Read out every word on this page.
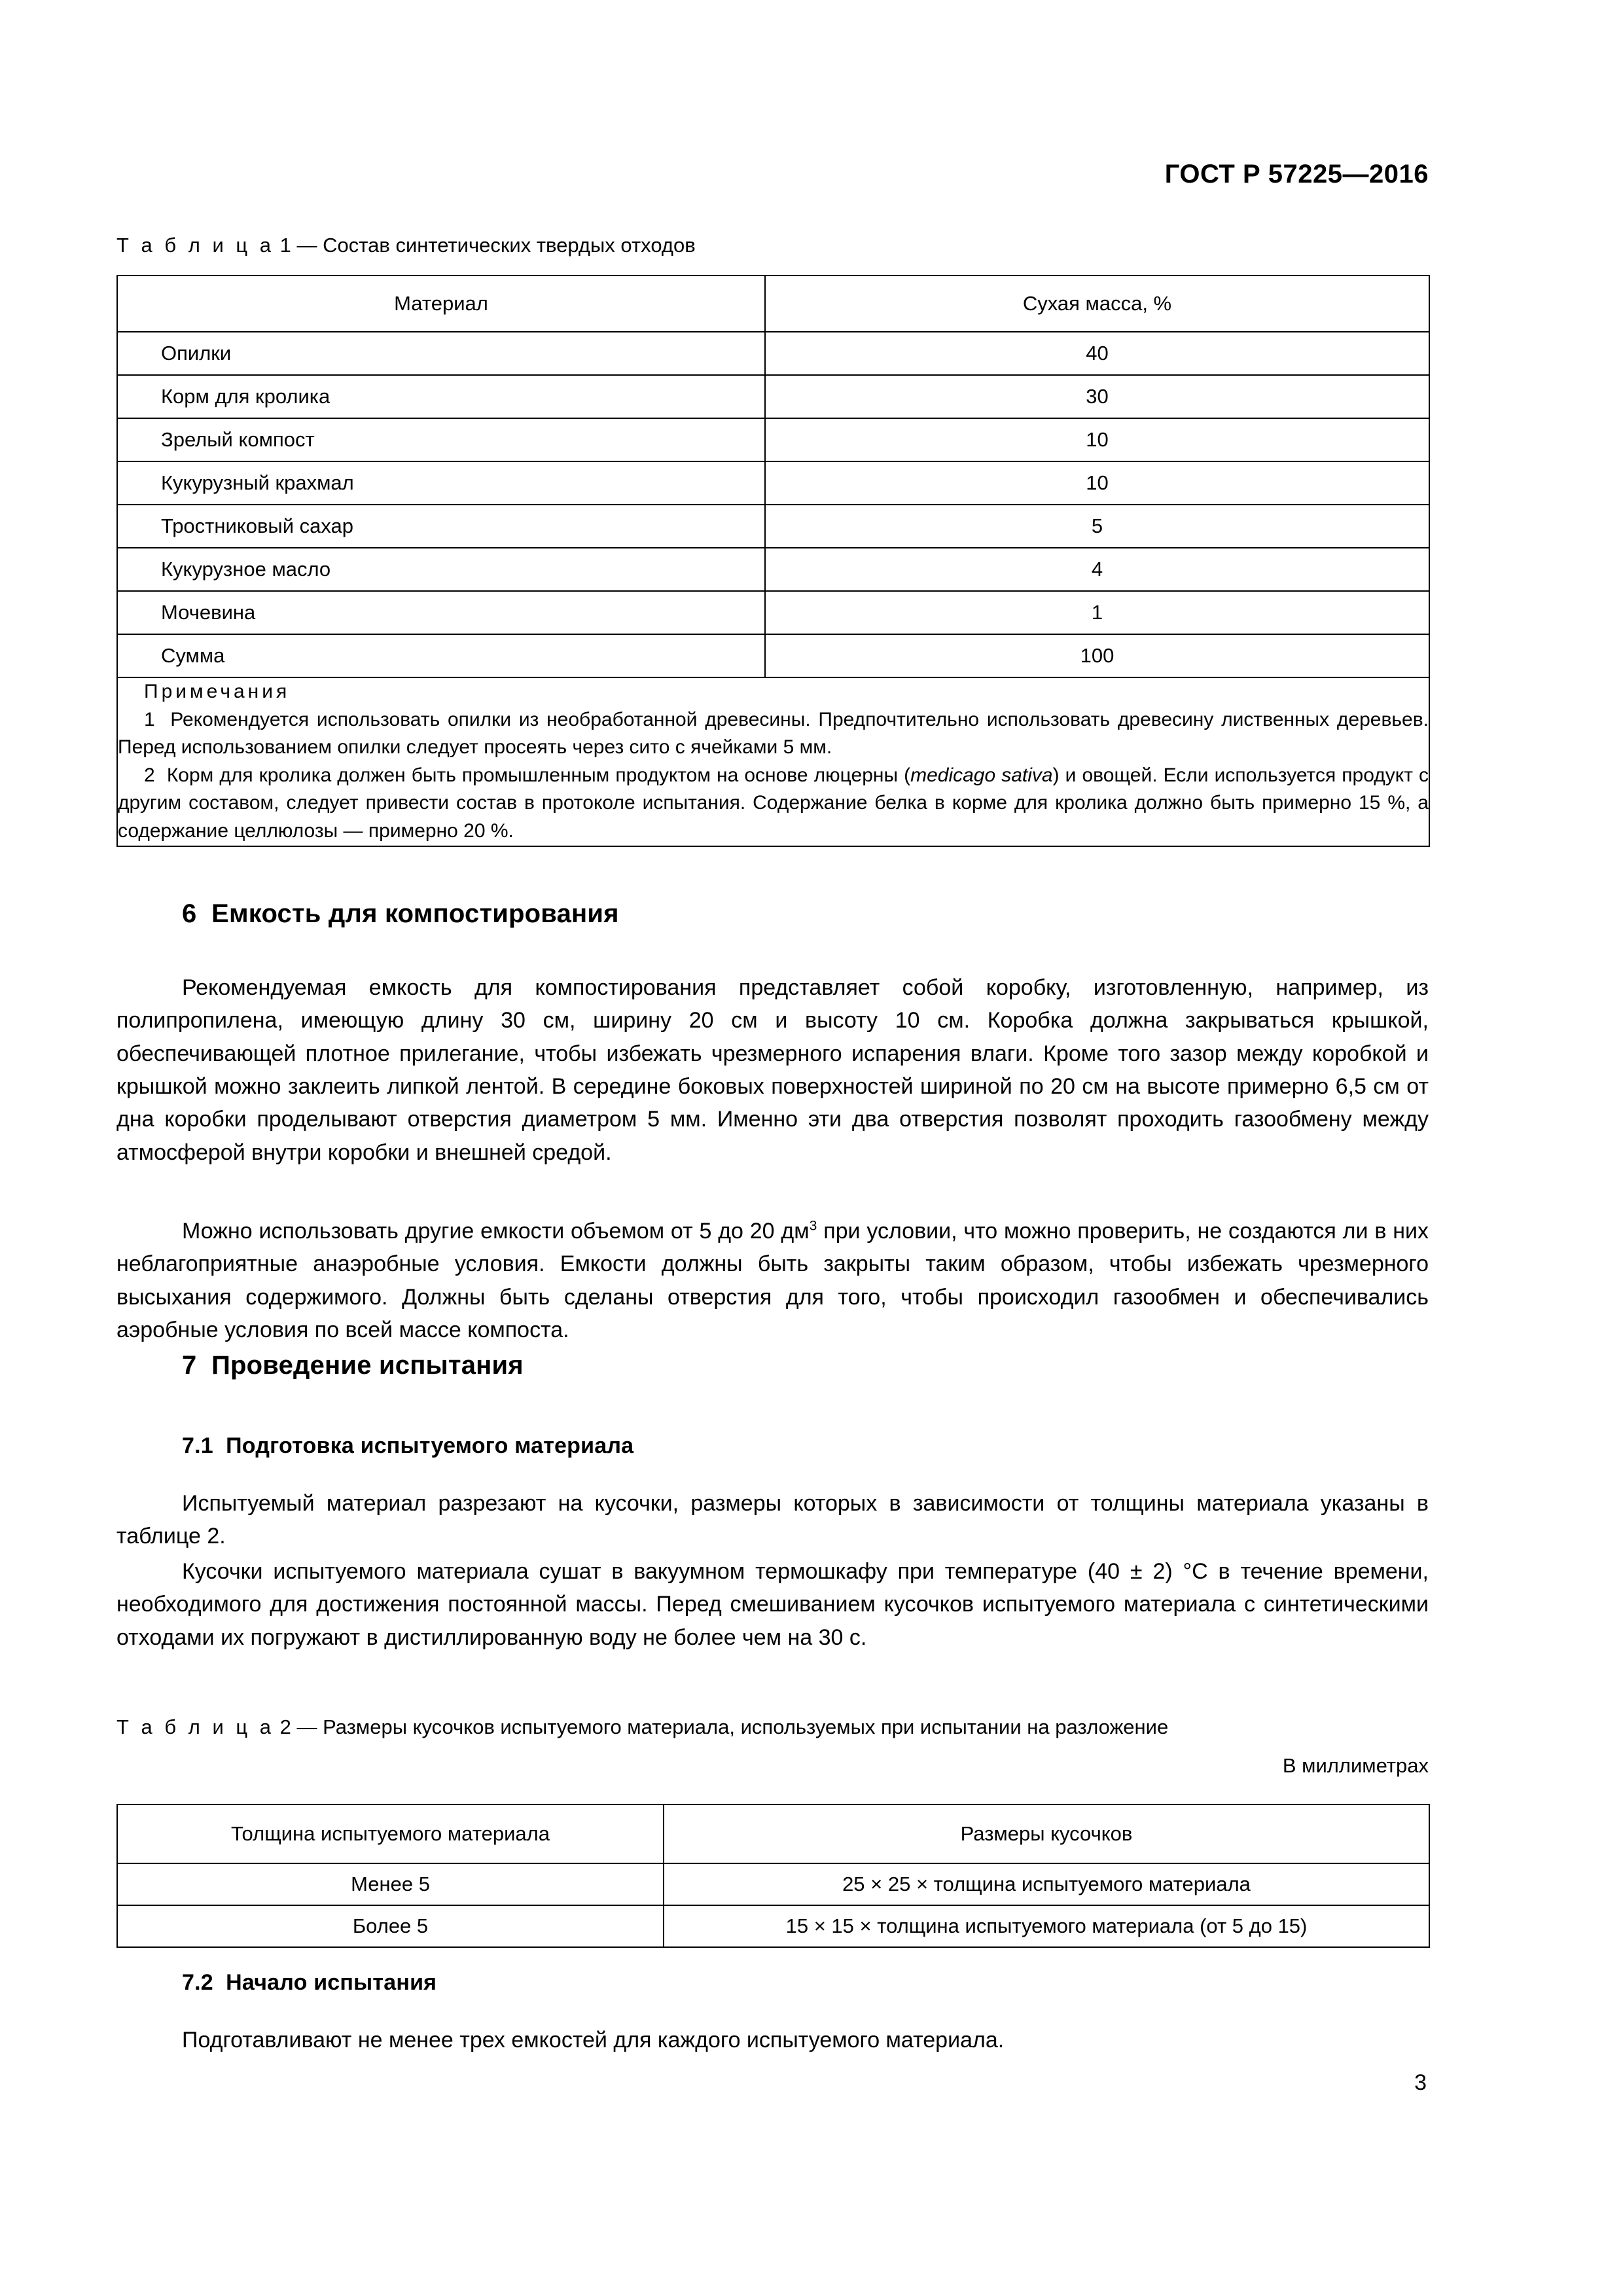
ГОСТ Р 57225—2016
Т а б л и ц а 1 — Состав синтетических твердых отходов
Материал	Сухая масса, %
Опилки	40
Корм для кролика	30
Зрелый компост	10
Кукурузный крахмал	10
Тростниковый сахар	5
Кукурузное масло	4
Мочевина	1
Сумма	100

Примечания
1 Рекомендуется использовать опилки из необработанной древесины. Предпочтительно использовать древесину лиственных деревьев. Перед использованием опилки следует просеять через сито с ячейками 5 мм.
2 Корм для кролика должен быть промышленным продуктом на основе люцерны (medicago sativa) и овощей. Если используется продукт с другим составом, следует привести состав в протоколе испытания. Содержание белка в корме для кролика должно быть примерно 15 %, а содержание целлюлозы — примерно 20 %.	
6 Емкость для компостирования

Рекомендуемая емкость для компостирования представляет собой коробку, изготовленную, например, из полипропилена, имеющую длину 30 см, ширину 20 см и высоту 10 см. Коробка должна закрываться крышкой, обеспечивающей плотное прилегание, чтобы избежать чрезмерного испарения влаги. Кроме того зазор между коробкой и крышкой можно заклеить липкой лентой. В середине боковых поверхностей шириной по 20 см на высоте примерно 6,5 см от дна коробки проделывают отверстия диаметром 5 мм. Именно эти два отверстия позволят проходить газообмену между атмосферой внутри коробки и внешней средой.

Можно использовать другие емкости объемом от 5 до 20 $дм^3$ при условии, что можно проверить, не создаются ли в них неблагоприятные анаэробные условия. Емкости должны быть закрыты таким образом, чтобы избежать чрезмерного высыхания содержимого. Должны быть сделаны отверстия для того, чтобы происходил газообмен и обеспечивались аэробные условия по всей массе компоста.

7 Проведение испытания
7.1 Подготовка испытуемого материала

Испытуемый материал разрезают на кусочки, размеры которых в зависимости от толщины материала указаны в таблице 2.

Кусочки испытуемого материала сушат в вакуумном термошкафу при температуре (40 ± 2) °C в течение времени, необходимого для достижения постоянной массы. Перед смешиванием кусочков испытуемого материала с синтетическими отходами их погружают в дистиллированную воду не более чем на 30 с.

Т а б л и ц а 2 — Размеры кусочков испытуемого материала, используемых при испытании на разложение
В миллиметрах
Толщина испытуемого материала	Размеры кусочков
Менее 5	25 × 25 × толщина испытуемого материала
Более 5	15 × 15 × толщина испытуемого материала (от 5 до 15)
7.2 Начало испытания

Подготавливают не менее трех емкостей для каждого испытуемого материала.

3
